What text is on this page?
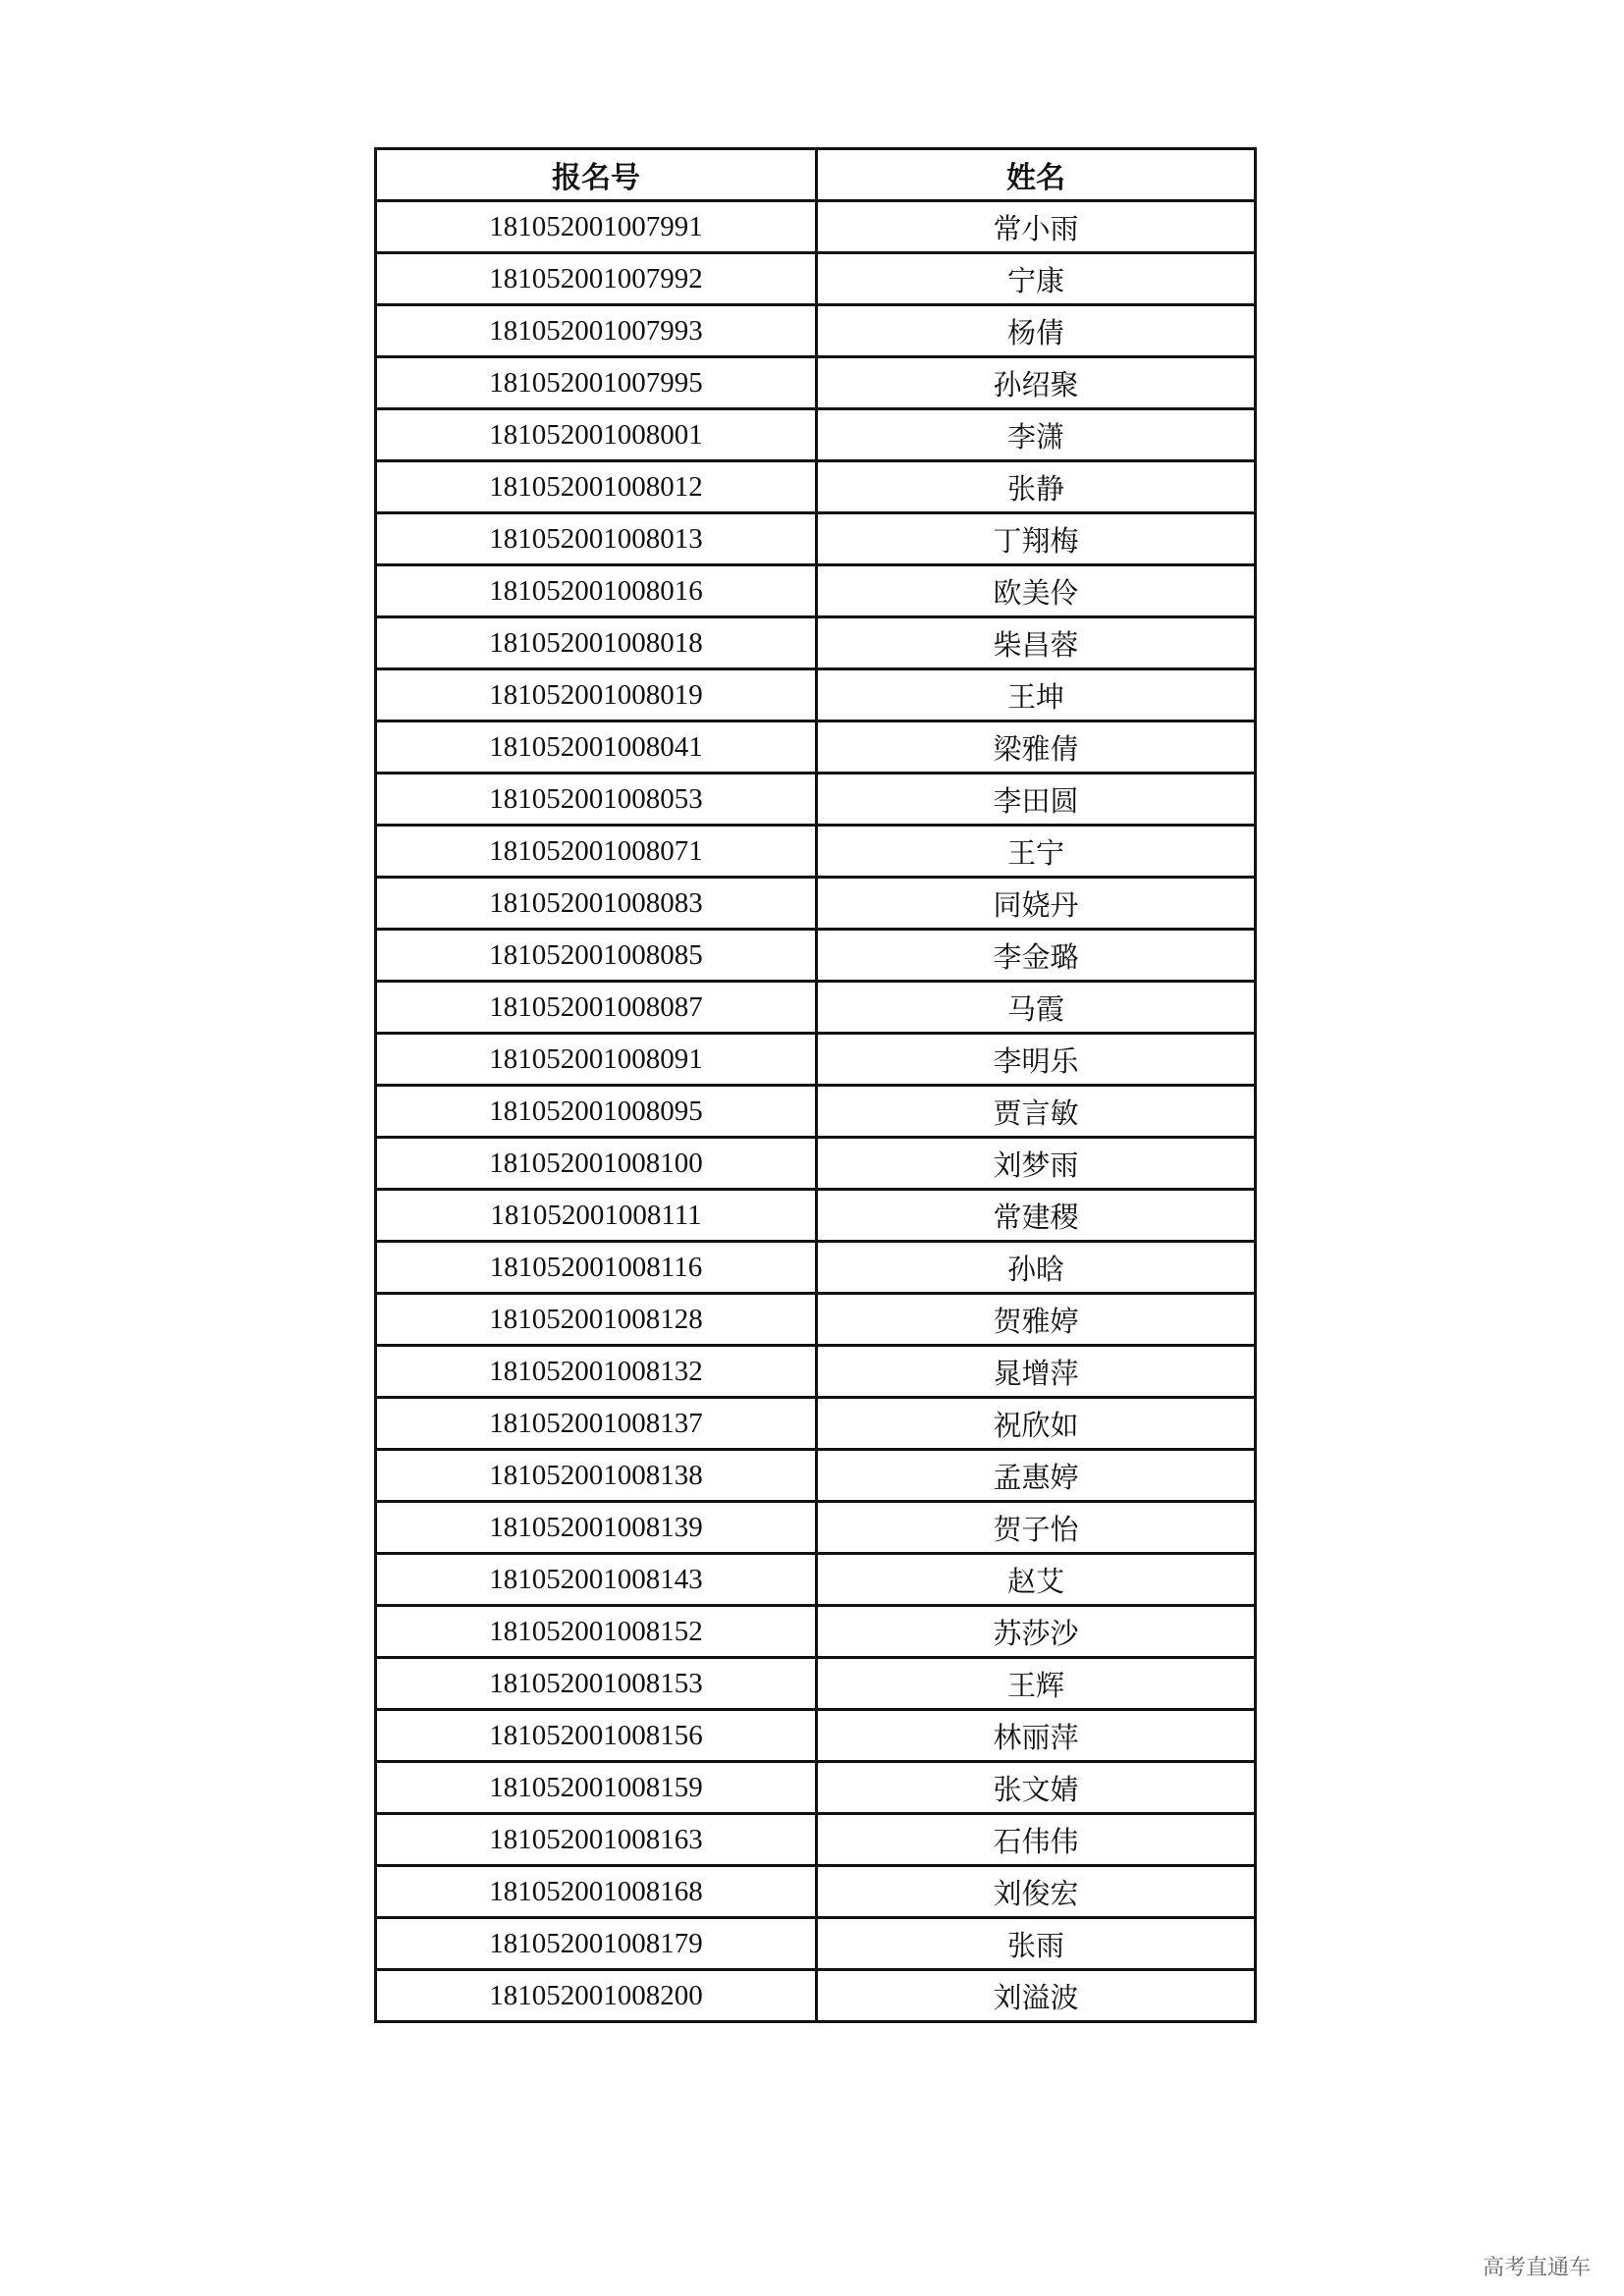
报名号	姓名
181052001007991	常小雨
181052001007992	宁康
181052001007993	杨倩
181052001007995	孙绍聚
181052001008001	李潇
181052001008012	张静
181052001008013	丁翔梅
181052001008016	欧美伶
181052001008018	柴昌蓉
181052001008019	王坤
181052001008041	梁雅倩
181052001008053	李田圆
181052001008071	王宁
181052001008083	同娆丹
181052001008085	李金璐
181052001008087	马霞
181052001008091	李明乐
181052001008095	贾言敏
181052001008100	刘梦雨
181052001008111	常建稷
181052001008116	孙晗
181052001008128	贺雅婷
181052001008132	晁增萍
181052001008137	祝欣如
181052001008138	孟惠婷
181052001008139	贺子怡
181052001008143	赵艾
181052001008152	苏莎沙
181052001008153	王辉
181052001008156	林丽萍
181052001008159	张文婧
181052001008163	石伟伟
181052001008168	刘俊宏
181052001008179	张雨
181052001008200	刘溢波
高考直通车
